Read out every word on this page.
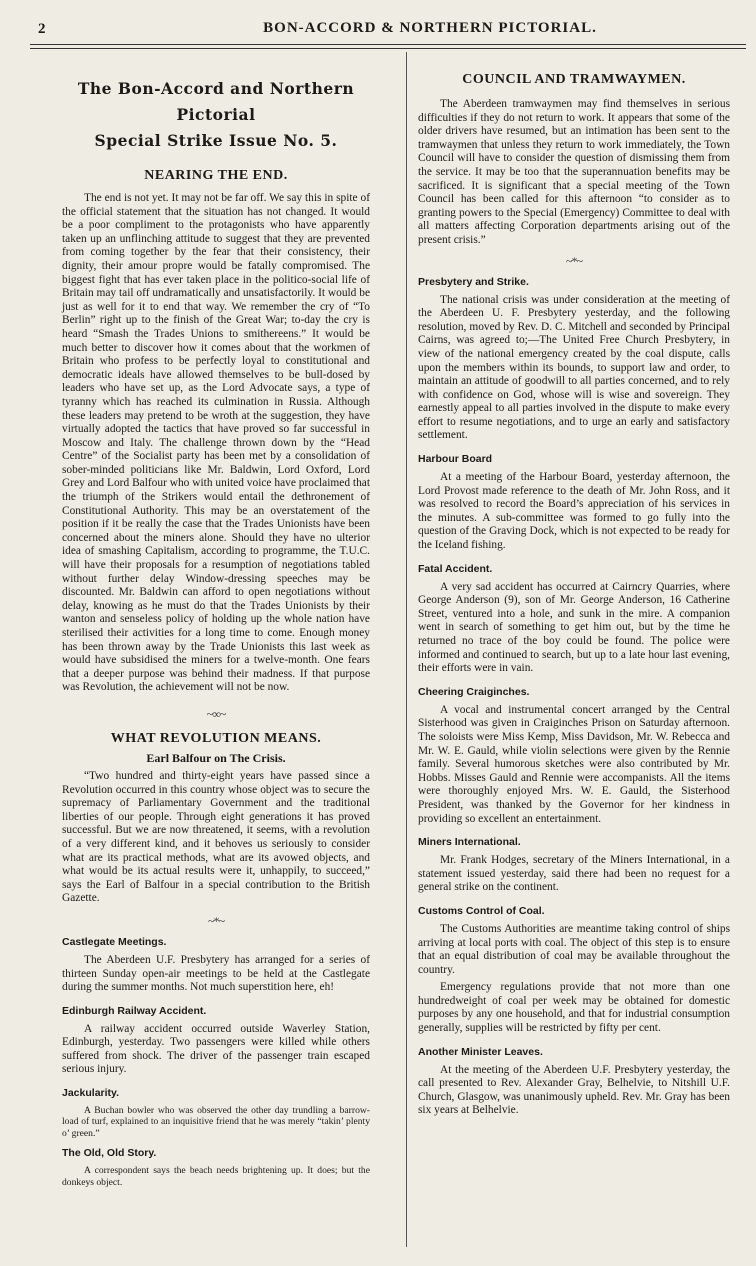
2	BON-ACCORD & NORTHERN PICTORIAL.
The Bon-Accord and Northern Pictorial
Special Strike Issue No. 5.
NEARING THE END.

The end is not yet. It may not be far off. We say this in spite of the official statement that the situation has not changed. It would be a poor compliment to the protagonists who have apparently taken up an unflinching attitude to suggest that they are prevented from coming together by the fear that their consistency, their dignity, their amour propre would be fatally compromised. The biggest fight that has ever taken place in the politico-social life of Britain may tail off undramatically and unsatisfactorily. It would be just as well for it to end that way. We remember the cry of “To Berlin” right up to the finish of the Great War; to-day the cry is heard “Smash the Trades Unions to smithereens.” It would be much better to discover how it comes about that the workmen of Britain who profess to be perfectly loyal to constitutional and democratic ideals have allowed themselves to be bull-dosed by leaders who have set up, as the Lord Advocate says, a type of tyranny which has reached its culmination in Russia. Although these leaders may pretend to be wroth at the suggestion, they have virtually adopted the tactics that have proved so far successful in Moscow and Italy. The challenge thrown down by the “Head Centre” of the Socialist party has been met by a consolidation of sober-minded politicians like Mr. Baldwin, Lord Oxford, Lord Grey and Lord Balfour who with united voice have proclaimed that the triumph of the Strikers would entail the dethronement of Constitutional Authority. This may be an overstatement of the position if it be really the case that the Trades Unionists have been concerned about the miners alone. Should they have no ulterior idea of smashing Capitalism, according to programme, the T.U.C. will have their proposals for a resumption of negotiations tabled without further delay Window-dressing speeches may be discounted. Mr. Baldwin can afford to open negotiations without delay, knowing as he must do that the Trades Unionists by their wanton and senseless policy of holding up the whole nation have sterilised their activities for a long time to come. Enough money has been thrown away by the Trade Unionists this last week as would have subsidised the miners for a twelve-month. One fears that a deeper purpose was behind their madness. If that purpose was Revolution, the achievement will not be now.

~∞~
WHAT REVOLUTION MEANS.
Earl Balfour on The Crisis.

“Two hundred and thirty-eight years have passed since a Revolution occurred in this country whose object was to secure the supremacy of Parliamentary Government and the traditional liberties of our people. Through eight generations it has proved successful. But we are now threatened, it seems, with a revolution of a very different kind, and it behoves us seriously to consider what are its practical methods, what are its avowed objects, and what would be its actual results were it, unhappily, to succeed,” says the Earl of Balfour in a special contribution to the British Gazette.

~*~
Castlegate Meetings.

The Aberdeen U.F. Presbytery has arranged for a series of thirteen Sunday open-air meetings to be held at the Castlegate during the summer months. Not much superstition here, eh!

Edinburgh Railway Accident.

A railway accident occurred outside Waverley Station, Edinburgh, yesterday. Two passengers were killed while others suffered from shock. The driver of the passenger train escaped serious injury.

Jackularity.

A Buchan bowler who was observed the other day trundling a barrow-load of turf, explained to an inquisitive friend that he was merely “takin’ plenty o’ green.”

The Old, Old Story.

A correspondent says the beach needs brightening up. It does; but the donkeys object.

COUNCIL AND TRAMWAYMEN.

The Aberdeen tramwaymen may find themselves in serious difficulties if they do not return to work. It appears that some of the older drivers have resumed, but an intimation has been sent to the tramwaymen that unless they return to work immediately, the Town Council will have to consider the question of dismissing them from the service. It may be too that the superannuation benefits may be sacrificed. It is significant that a special meeting of the Town Council has been called for this afternoon “to consider as to granting powers to the Special (Emergency) Committee to deal with all matters affecting Corporation departments arising out of the present crisis.”

~*~
Presbytery and Strike.

The national crisis was under consideration at the meeting of the Aberdeen U. F. Presbytery yesterday, and the following resolution, moved by Rev. D. C. Mitchell and seconded by Principal Cairns, was agreed to;—The United Free Church Presbytery, in view of the national emergency created by the coal dispute, calls upon the members within its bounds, to support law and order, to maintain an attitude of goodwill to all parties concerned, and to rely with confidence on God, whose will is wise and sovereign. They earnestly appeal to all parties involved in the dispute to make every effort to resume negotiations, and to urge an early and satisfactory settlement.

Harbour Board

At a meeting of the Harbour Board, yesterday afternoon, the Lord Provost made reference to the death of Mr. John Ross, and it was resolved to record the Board’s appreciation of his services in the minutes. A sub-committee was formed to go fully into the question of the Graving Dock, which is not expected to be ready for the Iceland fishing.

Fatal Accident.

A very sad accident has occurred at Cairncry Quarries, where George Anderson (9), son of Mr. George Anderson, 16 Catherine Street, ventured into a hole, and sunk in the mire. A companion went in search of something to get him out, but by the time he returned no trace of the boy could be found. The police were informed and continued to search, but up to a late hour last evening, their efforts were in vain.

Cheering Craiginches.

A vocal and instrumental concert arranged by the Central Sisterhood was given in Craiginches Prison on Saturday afternoon. The soloists were Miss Kemp, Miss Davidson, Mr. W. Rebecca and Mr. W. E. Gauld, while violin selections were given by the Rennie family. Several humorous sketches were also contributed by Mr. Hobbs. Misses Gauld and Rennie were accompanists. All the items were thoroughly enjoyed Mrs. W. E. Gauld, the Sisterhood President, was thanked by the Governor for her kindness in providing so excellent an entertainment.

Miners International.

Mr. Frank Hodges, secretary of the Miners International, in a statement issued yesterday, said there had been no request for a general strike on the continent.

Customs Control of Coal.

The Customs Authorities are meantime taking control of ships arriving at local ports with coal. The object of this step is to ensure that an equal distribution of coal may be available throughout the country.

Emergency regulations provide that not more than one hundredweight of coal per week may be obtained for domestic purposes by any one household, and that for industrial consumption generally, supplies will be restricted by fifty per cent.

Another Minister Leaves.

At the meeting of the Aberdeen U.F. Presbytery yesterday, the call presented to Rev. Alexander Gray, Belhelvie, to Nitshill U.F. Church, Glasgow, was unanimously upheld. Rev. Mr. Gray has been six years at Belhelvie.
